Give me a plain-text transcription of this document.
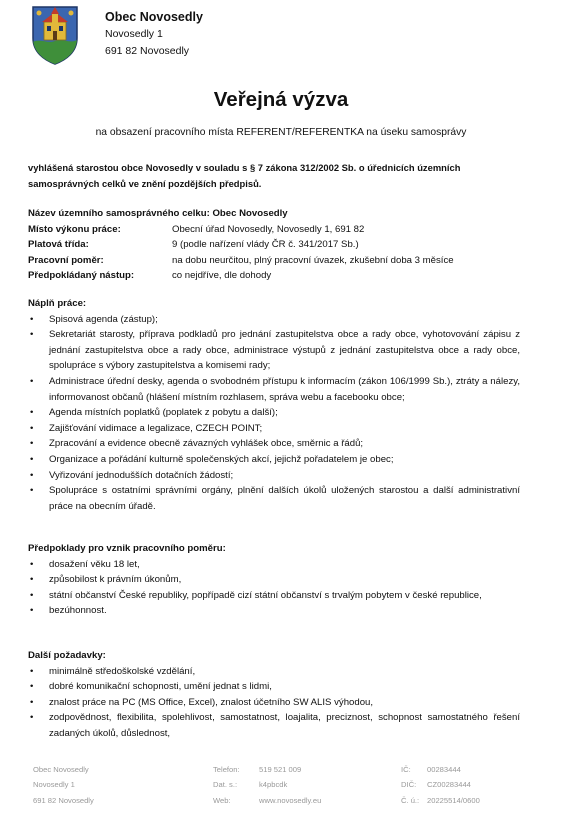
Obec Novosedly
Novosedly 1
691 82 Novosedly
Veřejná výzva
na obsazení pracovního místa REFERENT/REFERENTKA na úseku samosprávy
vyhlášená starostou obce Novosedly v souladu s § 7 zákona 312/2002 Sb. o úřednicích územních samosprávných celků ve znění pozdějších předpisů.
Název územního samosprávného celku: Obec Novosedly
Místo výkonu práce:	Obecní úřad Novosedly, Novosedly 1, 691 82
Platová třída:	9 (podle nařízení vlády ČR č. 341/2017 Sb.)
Pracovní poměr:	na dobu neurčitou, plný pracovní úvazek, zkušební doba 3 měsíce
Předpokládaný nástup:	co nejdříve, dle dohody
Náplň práce:
• Spisová agenda (zástup);
• Sekretariát starosty, příprava podkladů pro jednání zastupitelstva obce a rady obce, vyhotovování zápisu z jednání zastupitelstva obce a rady obce, administrace výstupů z jednání zastupitelstva obce a rady obce, spolupráce s výbory zastupitelstva a komisemi rady;
• Administrace úřední desky, agenda o svobodném přístupu k informacím (zákon 106/1999 Sb.), ztráty a nálezy, informovanost občanů (hlášení místním rozhlasem, správa webu a facebooku obce;
• Agenda místních poplatků (poplatek z pobytu a další);
• Zajišťování vidimace a legalizace, CZECH POINT;
• Zpracování a evidence obecně závazných vyhlášek obce, směrnic a řádů;
• Organizace a pořádání kulturně společenských akcí, jejichž pořadatelem je obec;
• Vyřizování jednodušších dotačních žádostí;
• Spolupráce s ostatními správními orgány, plnění dalších úkolů uložených starostou a další administrativní práce na obecním úřadě.
Předpoklady pro vznik pracovního poměru:
• dosažení věku 18 let,
• způsobilost k právním úkonům,
• státní občanství České republiky, popřípadě cizí státní občanství s trvalým pobytem v české republice,
• bezúhonnost.
Další požadavky:
• minimálně středoškolské vzdělání,
• dobré komunikační schopnosti, umění jednat s lidmi,
• znalost práce na PC (MS Office, Excel), znalost účetního SW ALIS výhodou,
• zodpovědnost, flexibilita, spolehlivost, samostatnost, loajalita, preciznost, schopnost samostatného řešení zadaných úkolů, důslednost,
Obec Novosedly
Novosedly 1
691 82 Novosedly
Telefon:	519 521 009
Dat. s.:	k4pbcdk
Web:	www.novosedly.eu
IČ:	00283444
DIČ:	CZ00283444
Č. ú.:	20225514/0600
